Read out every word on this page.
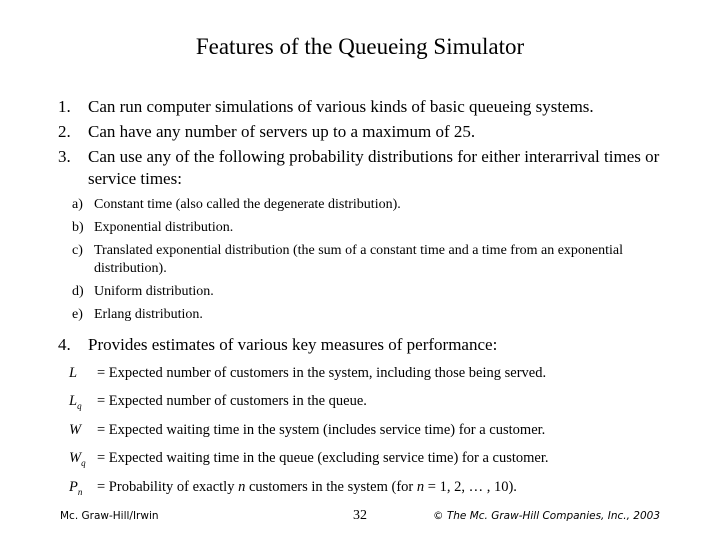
Features of the Queueing Simulator
1.	Can run computer simulations of various kinds of basic queueing systems.
2.	Can have any number of servers up to a maximum of 25.
3.	Can use any of the following probability distributions for either interarrival times or service times:
a) Constant time (also called the degenerate distribution).
b) Exponential distribution.
c) Translated exponential distribution (the sum of a constant time and a time from an exponential distribution).
d) Uniform distribution.
e) Erlang distribution.
4.	Provides estimates of various key measures of performance:
L	= Expected number of customers in the system, including those being served.
$L_q$	= Expected number of customers in the queue.
W	= Expected waiting time in the system (includes service time) for a customer.
$W_q$ = Expected waiting time in the queue (excluding service time) for a customer.
$P_n$	= Probability of exactly n customers in the system (for n = 1, 2, … , 10).
Mc. Graw-Hill/Irwin	32	© The Mc. Graw-Hill Companies, Inc., 2003
